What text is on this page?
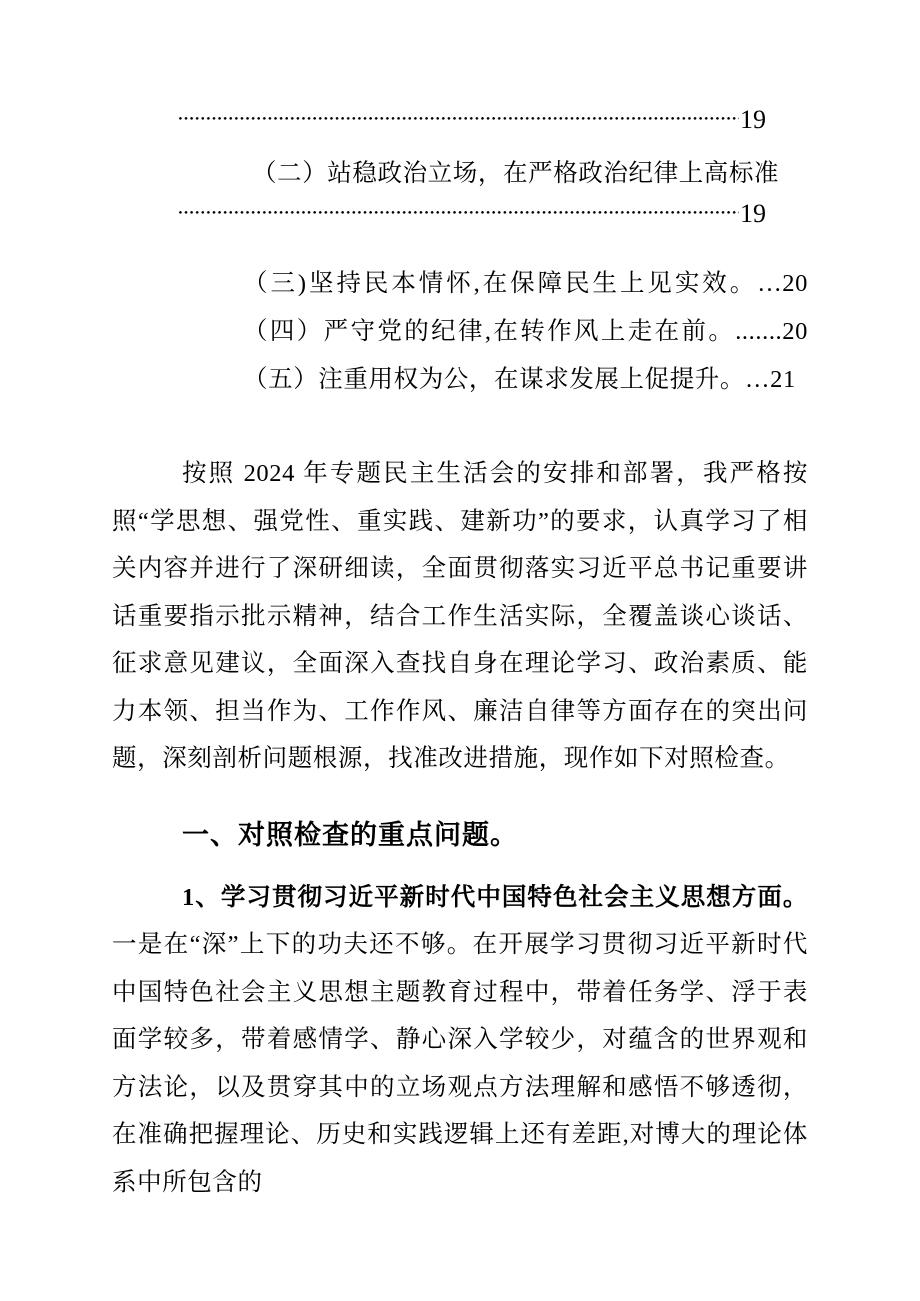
19
（二）站稳政治立场，在严格政治纪律上高标准
19
（三)坚持民本情怀,在保障民生上见实效。…20（四）严守党的纪律,在转作风上走在前。.......20（五）注重用权为公，在谋求发展上促提升。…21

按照 2024 年专题民主生活会的安排和部署，我严格按照“学思想、强党性、重实践、建新功”的要求，认真学习了相关内容并进行了深研细读，全面贯彻落实习近平总书记重要讲话重要指示批示精神，结合工作生活实际，全覆盖谈心谈话、征求意见建议，全面深入查找自身在理论学习、政治素质、能力本领、担当作为、工作作风、廉洁自律等方面存在的突出问题，深刻剖析问题根源，找准改进措施，现作如下对照检查。

一、对照检查的重点问题。

1、学习贯彻习近平新时代中国特色社会主义思想方面。一是在“深”上下的功夫还不够。在开展学习贯彻习近平新时代中国特色社会主义思想主题教育过程中，带着任务学、浮于表面学较多，带着感情学、静心深入学较少，对蕴含的世界观和方法论，以及贯穿其中的立场观点方法理解和感悟不够透彻，在准确把握理论、历史和实践逻辑上还有差距,对博大的理论体系中所包含的
